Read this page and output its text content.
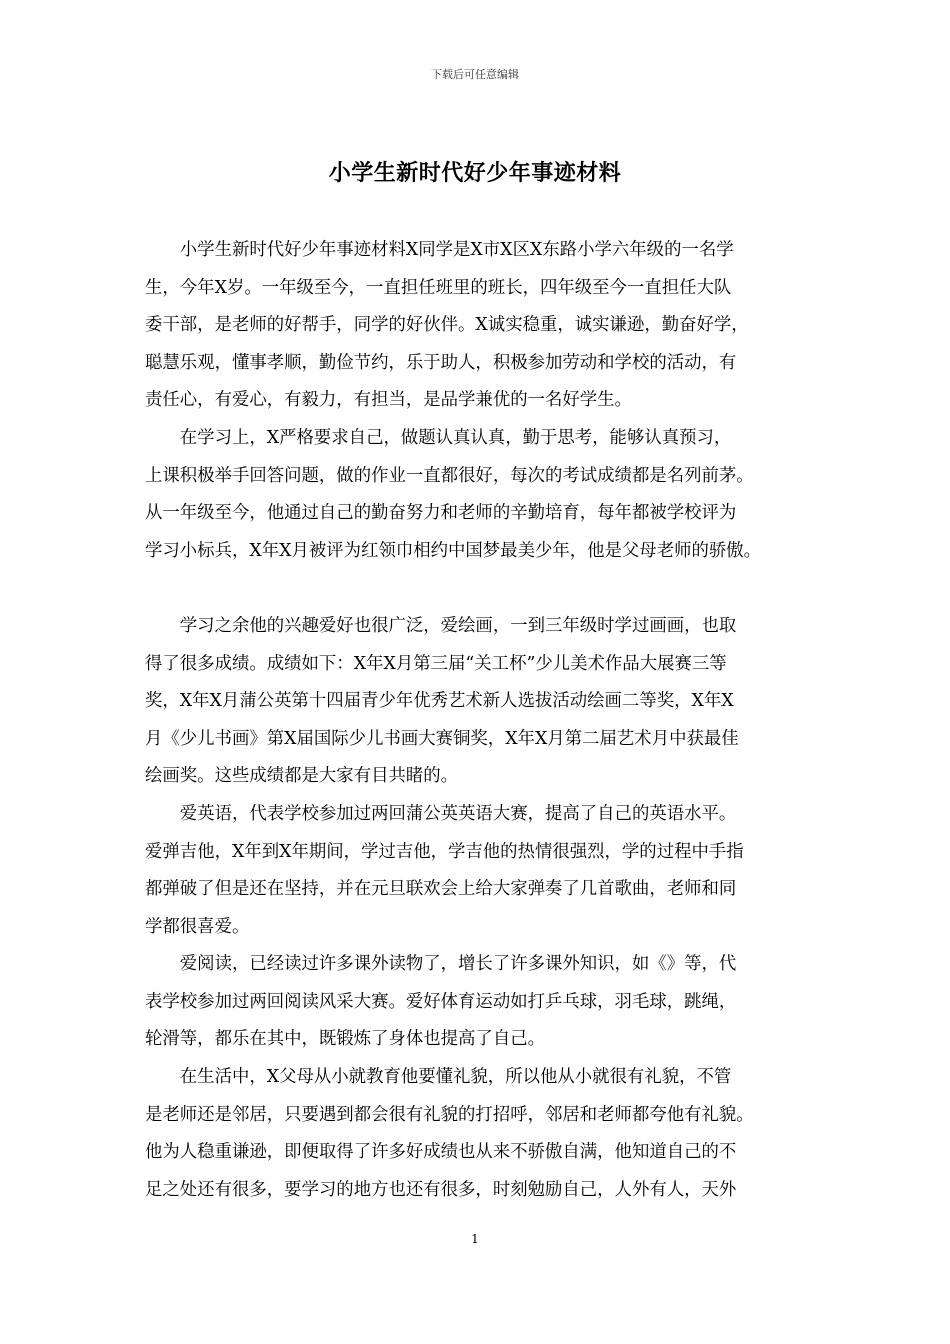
下载后可任意编辑
小学生新时代好少年事迹材料
　　小学生新时代好少年事迹材料X同学是X市X区X东路小学六年级的一名学
生，今年X岁。一年级至今，一直担任班里的班长，四年级至今一直担任大队
委干部，是老师的好帮手，同学的好伙伴。X诚实稳重，诚实谦逊，勤奋好学，
聪慧乐观，懂事孝顺，勤俭节约，乐于助人，积极参加劳动和学校的活动，有
责任心，有爱心，有毅力，有担当，是品学兼优的一名好学生。
　　在学习上，X严格要求自己，做题认真认真，勤于思考，能够认真预习，
上课积极举手回答问题，做的作业一直都很好，每次的考试成绩都是名列前茅。
从一年级至今，他通过自己的勤奋努力和老师的辛勤培育，每年都被学校评为
学习小标兵，X年X月被评为红领巾相约中国梦最美少年，他是父母老师的骄傲。
　　学习之余他的兴趣爱好也很广泛，爱绘画，一到三年级时学过画画，也取
得了很多成绩。成绩如下：X年X月第三届“关工杯”少儿美术作品大展赛三等
奖，X年X月蒲公英第十四届青少年优秀艺术新人选拔活动绘画二等奖，X年X
月《少儿书画》第X届国际少儿书画大赛铜奖，X年X月第二届艺术月中获最佳
绘画奖。这些成绩都是大家有目共睹的。
　　爱英语，代表学校参加过两回蒲公英英语大赛，提高了自己的英语水平。
爱弹吉他，X年到X年期间，学过吉他，学吉他的热情很强烈，学的过程中手指
都弹破了但是还在坚持，并在元旦联欢会上给大家弹奏了几首歌曲，老师和同
学都很喜爱。
　　爱阅读，已经读过许多课外读物了，增长了许多课外知识，如《》等，代
表学校参加过两回阅读风采大赛。爱好体育运动如打乒乓球，羽毛球，跳绳，
轮滑等，都乐在其中，既锻炼了身体也提高了自己。
　　在生活中，X父母从小就教育他要懂礼貌，所以他从小就很有礼貌，不管
是老师还是邻居，只要遇到都会很有礼貌的打招呼，邻居和老师都夸他有礼貌。
他为人稳重谦逊，即便取得了许多好成绩也从来不骄傲自满，他知道自己的不
足之处还有很多，要学习的地方也还有很多，时刻勉励自己，人外有人，天外
1
